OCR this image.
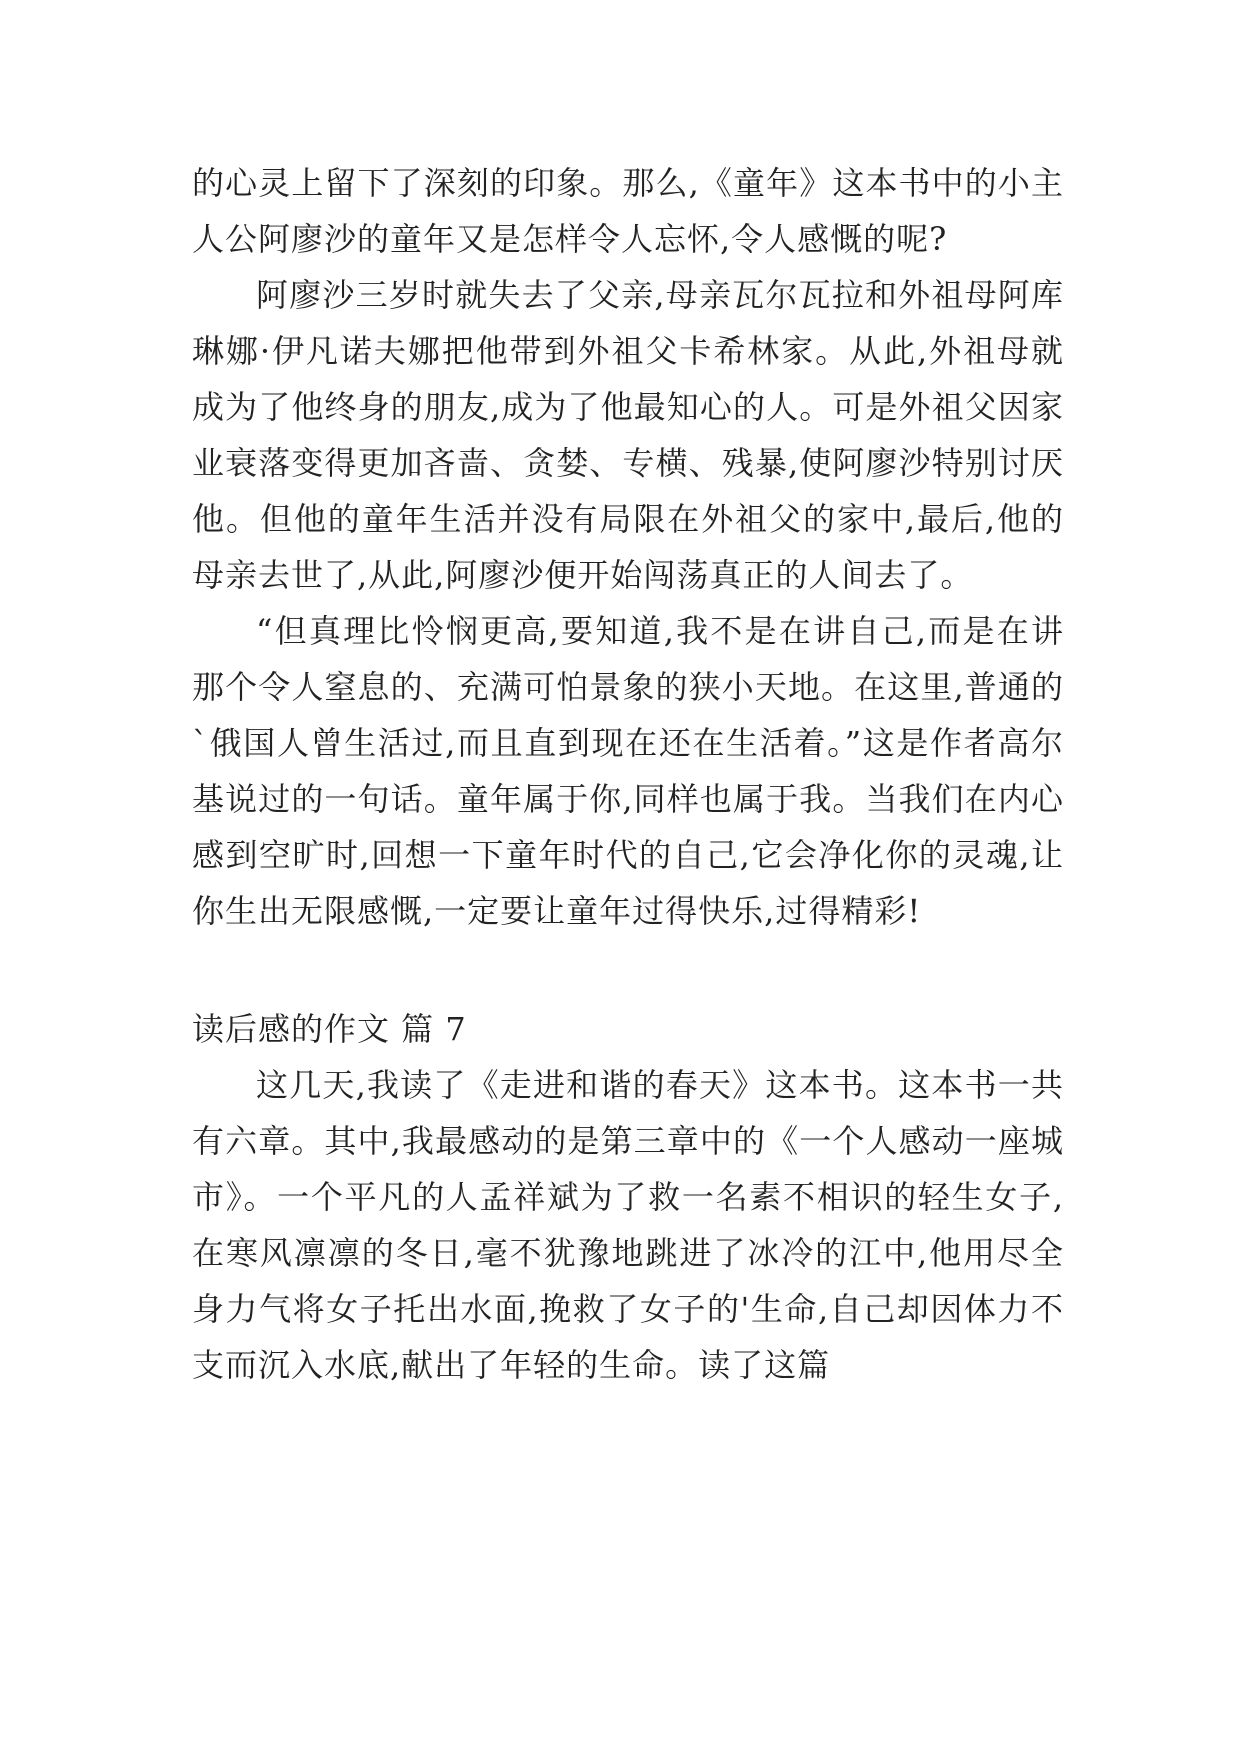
的心灵上留下了深刻的印象。那么,《童年》这本书中的小主人公阿廖沙的童年又是怎样令人忘怀,令人感慨的呢?

阿廖沙三岁时就失去了父亲,母亲瓦尔瓦拉和外祖母阿库琳娜·伊凡诺夫娜把他带到外祖父卡希林家。从此,外祖母就成为了他终身的朋友,成为了他最知心的人。可是外祖父因家业衰落变得更加吝啬、贪婪、专横、残暴,使阿廖沙特别讨厌他。但他的童年生活并没有局限在外祖父的家中,最后,他的母亲去世了,从此,阿廖沙便开始闯荡真正的人间去了。

“但真理比怜悯更高,要知道,我不是在讲自己,而是在讲那个令人窒息的、充满可怕景象的狭小天地。在这里,普通的`俄国人曾生活过,而且直到现在还在生活着。”这是作者高尔基说过的一句话。童年属于你,同样也属于我。当我们在内心感到空旷时,回想一下童年时代的自己,它会净化你的灵魂,让你生出无限感慨,一定要让童年过得快乐,过得精彩!

读后感的作文 篇 7

这几天,我读了《走进和谐的春天》这本书。这本书一共有六章。其中,我最感动的是第三章中的《一个人感动一座城市》。一个平凡的人孟祥斌为了救一名素不相识的轻生女子,在寒风凛凛的冬日,毫不犹豫地跳进了冰冷的江中,他用尽全身力气将女子托出水面,挽救了女子的'生命,自己却因体力不支而沉入水底,献出了年轻的生命。读了这篇
